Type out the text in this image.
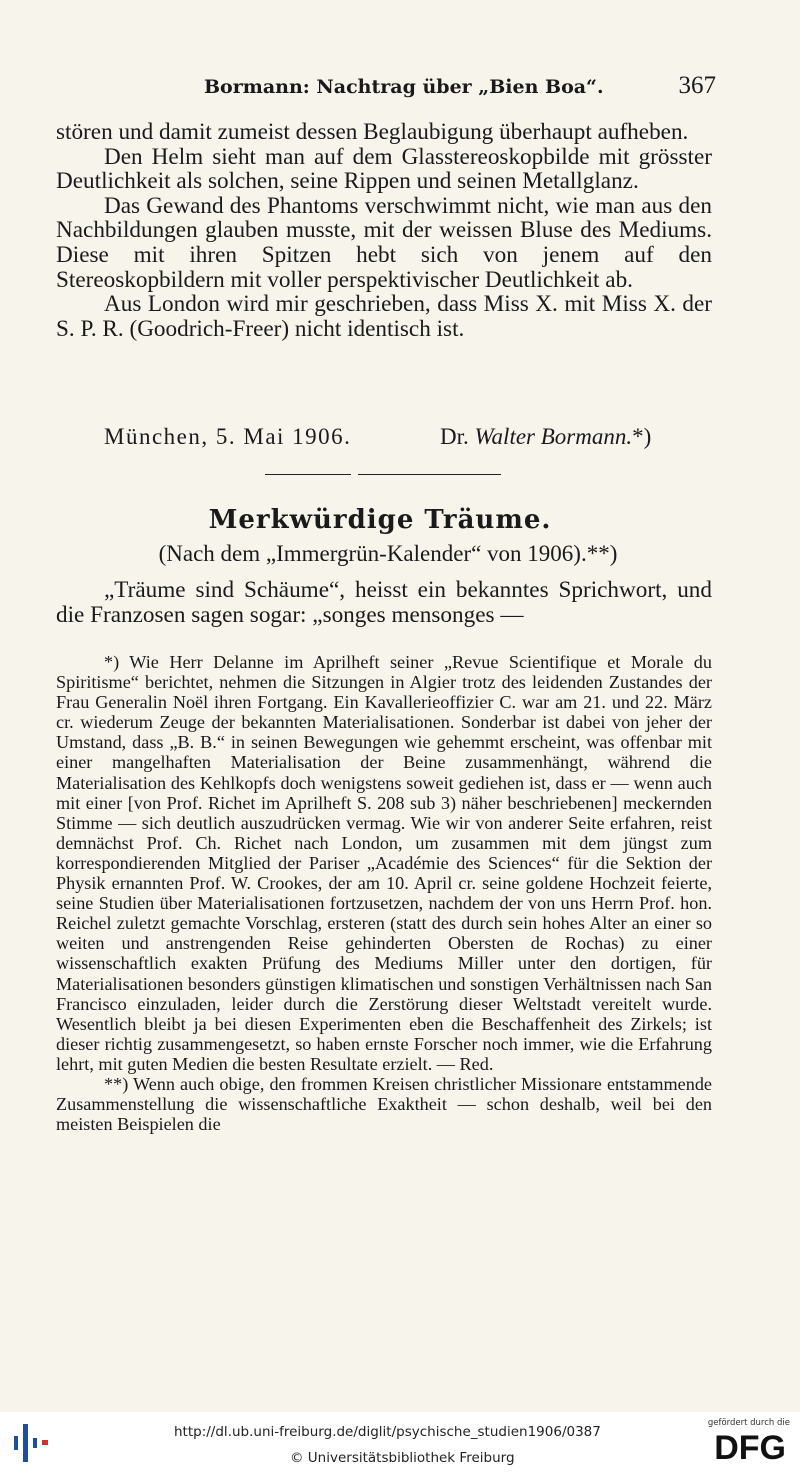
Bormann: Nachtrag über „Bien Boa“.	367

stören und damit zumeist dessen Beglaubigung überhaupt aufheben.

Den Helm sieht man auf dem Glasstereoskopbilde mit grösster Deutlichkeit als solchen, seine Rippen und seinen Metallglanz.

Das Gewand des Phantoms verschwimmt nicht, wie man aus den Nachbildungen glauben musste, mit der weissen Bluse des Mediums. Diese mit ihren Spitzen hebt sich von jenem auf den Stereoskopbildern mit voller perspektivischer Deutlichkeit ab.

Aus London wird mir geschrieben, dass Miss X. mit Miss X. der S. P. R. (Goodrich-Freer) nicht identisch ist.

München, 5. Mai 1906.	Dr. Walter Bormann.*)
Merkwürdige Träume.
(Nach dem „Immergrün-Kalender“ von 1906).**)

„Träume sind Schäume“, heisst ein bekanntes Sprichwort, und die Franzosen sagen sogar: „songes mensonges —

*) Wie Herr Delanne im Aprilheft seiner „Revue Scientifique et Morale du Spiritisme“ berichtet, nehmen die Sitzungen in Algier trotz des leidenden Zustandes der Frau Generalin Noël ihren Fortgang. Ein Kavallerieoffizier C. war am 21. und 22. März cr. wiederum Zeuge der bekannten Materialisationen. Sonderbar ist dabei von jeher der Umstand, dass „B. B.“ in seinen Bewegungen wie gehemmt erscheint, was offenbar mit einer mangelhaften Materialisation der Beine zusammenhängt, während die Materialisation des Kehlkopfs doch wenigstens soweit gediehen ist, dass er — wenn auch mit einer [von Prof. Richet im Aprilheft S. 208 sub 3) näher beschriebenen] meckernden Stimme — sich deutlich auszudrücken vermag. Wie wir von anderer Seite erfahren, reist demnächst Prof. Ch. Richet nach London, um zusammen mit dem jüngst zum korrespondierenden Mitglied der Pariser „Académie des Sciences“ für die Sektion der Physik ernannten Prof. W. Crookes, der am 10. April cr. seine goldene Hochzeit feierte, seine Studien über Materialisationen fortzusetzen, nachdem der von uns Herrn Prof. hon. Reichel zuletzt gemachte Vorschlag, ersteren (statt des durch sein hohes Alter an einer so weiten und anstrengenden Reise gehinderten Obersten de Rochas) zu einer wissenschaftlich exakten Prüfung des Mediums Miller unter den dortigen, für Materialisationen besonders günstigen klimatischen und sonstigen Verhältnissen nach San Francisco einzuladen, leider durch die Zerstörung dieser Weltstadt vereitelt wurde. Wesentlich bleibt ja bei diesen Experimenten eben die Beschaffenheit des Zirkels; ist dieser richtig zusammengesetzt, so haben ernste Forscher noch immer, wie die Erfahrung lehrt, mit guten Medien die besten Resultate erzielt. — Red.

**) Wenn auch obige, den frommen Kreisen christlicher Missionare entstammende Zusammenstellung die wissenschaftliche Exaktheit — schon deshalb, weil bei den meisten Beispielen die

http://dl.ub.uni-freiburg.de/diglit/psychische_studien1906/0387
© Universitätsbibliothek Freiburg
gefördert durch die
DFG
